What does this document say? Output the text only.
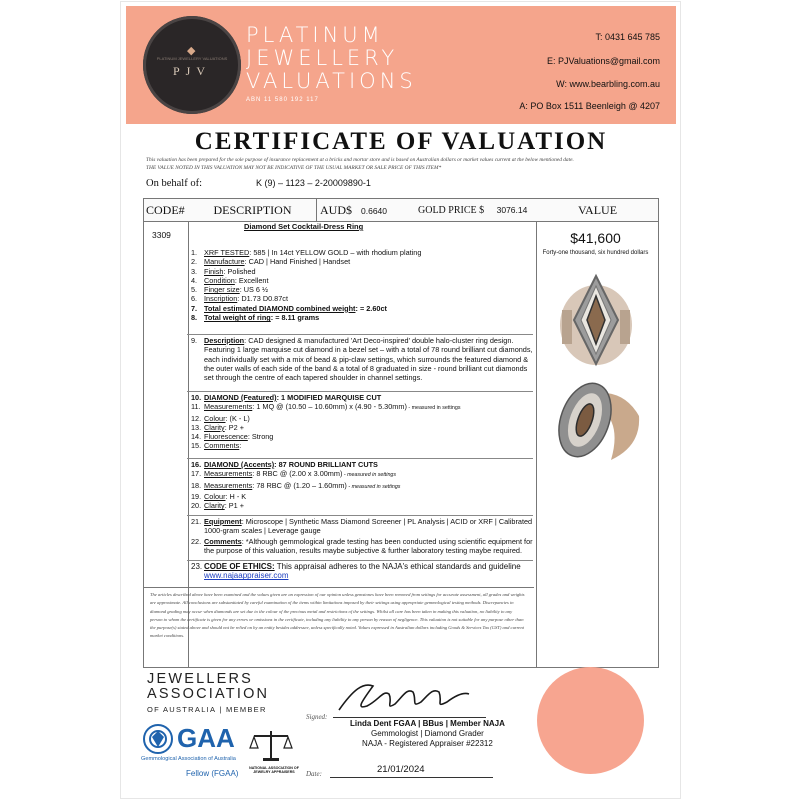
◆
PLATINUM JEWELLERY VALUATIONS
PJV
PLATINUM
JEWELLERY
VALUATIONS
ABN 11 580 192 117
T: 0431 645 785
E: PJValuations@gmail.com
W: www.bearbling.com.au
A: PO Box 1511 Beenleigh @ 4207
CERTIFICATE OF VALUATION
This valuation has been prepared for the sole purpose of insurance replacement at a bricks and mortar store and is based on Australian dollars or market values current at the below mentioned date.
THE VALUE NOTED IN THIS VALUATION MAY NOT BE INDICATIVE OF THE USUAL MARKET OR SALE PRICE OF THIS ITEM*
On behalf of:	K (9) – 1123 – 2-20009890-1
CODE#	DESCRIPTION	AUD$ 0.6640	GOLD PRICE $ 3076.14	VALUE
3309
Diamond Set Cocktail-Dress Ring
1. XRF TESTED: 585 | In 14ct YELLOW GOLD – with rhodium plating
2. Manufacture: CAD | Hand Finished | Handset
3. Finish: Polished
4. Condition: Excellent
5. Finger size: US 6 ½
6. Inscription: D1.73 D0.87ct
7. Total estimated DIAMOND combined weight: = 2.60ct
8. Total weight of ring: = 8.11 grams
9. Description: CAD designed & manufactured 'Art Deco-inspired' double halo-cluster ring design. Featuring 1 large marquise cut diamond in a bezel set – with a total of 78 round brilliant cut diamonds, each individually set with a mix of bead & pip-claw settings, which surrounds the featured diamond & the outer walls of each side of the band & a total of 8 graduated in size - round brilliant cut diamonds set through the centre of each tapered shoulder in channel settings.
10. DIAMOND (Featured): 1 MODIFIED MARQUISE CUT
11. Measurements: 1 MQ @ (10.50 – 10.60mm) x (4.90 - 5.30mm) - measured in settings
12. Colour: (K - L)
13. Clarity: P2 +
14. Fluorescence: Strong
15. Comments:
16. DIAMOND (Accents): 87 ROUND BRILLIANT CUTS
17. Measurements: 8 RBC @ (2.00 x 3.00mm) - measured in settings
18. Measurements: 78 RBC @ (1.20 – 1.60mm) - measured in settings
19. Colour: H - K
20. Clarity: P1 +
21. Equipment: Microscope | Synthetic Mass Diamond Screener | PL Analysis | ACID or XRF | Calibrated 1000-gram scales | Leverage gauge
22. Comments: *Although gemmological grade testing has been conducted using scientific equipment for the purpose of this valuation, results maybe subjective & further laboratory testing maybe required.
23. CODE OF ETHICS: This appraisal adheres to the NAJA's ethical standards and guideline
www.najaappraiser.com
The articles described above have been examined and the values given are an expression of our opinion unless gemstones have been removed from settings for accurate assessment, all grades and weights are approximate. All conclusions are substantiated by careful examination of the items within limitations imposed by their settings using appropriate gemmological testing methods. Discrepancies in diamond grading may occur when diamonds are set due to the colour of the precious metal and restrictions of the settings. Whilst all care has been taken in making this valuation, no liability to any person to whom the certificate is given for any errors or omissions in the certificate, including any liability to any person by reason of negligence. This valuation is not suitable for any purpose other than the purpose(s) stated above and should not be relied on by an entity besides addressee, unless specifically noted. Values expressed in Australian dollars including Goods & Services Tax (GST) and current market conditions.
$41,600
Forty-one thousand, six hundred dollars
JEWELLERS
ASSOCIATION
OF AUSTRALIA | MEMBER
GAA
Gemmological Association of Australia
Fellow (FGAA)
NATIONAL ASSOCIATION OF JEWELRY APPRAISERS
Signed:
Linda Dent FGAA | BBus | Member NAJA
Gemmologist | Diamond Grader
NAJA - Registered Appraiser #22312
Date:	21/01/2024
